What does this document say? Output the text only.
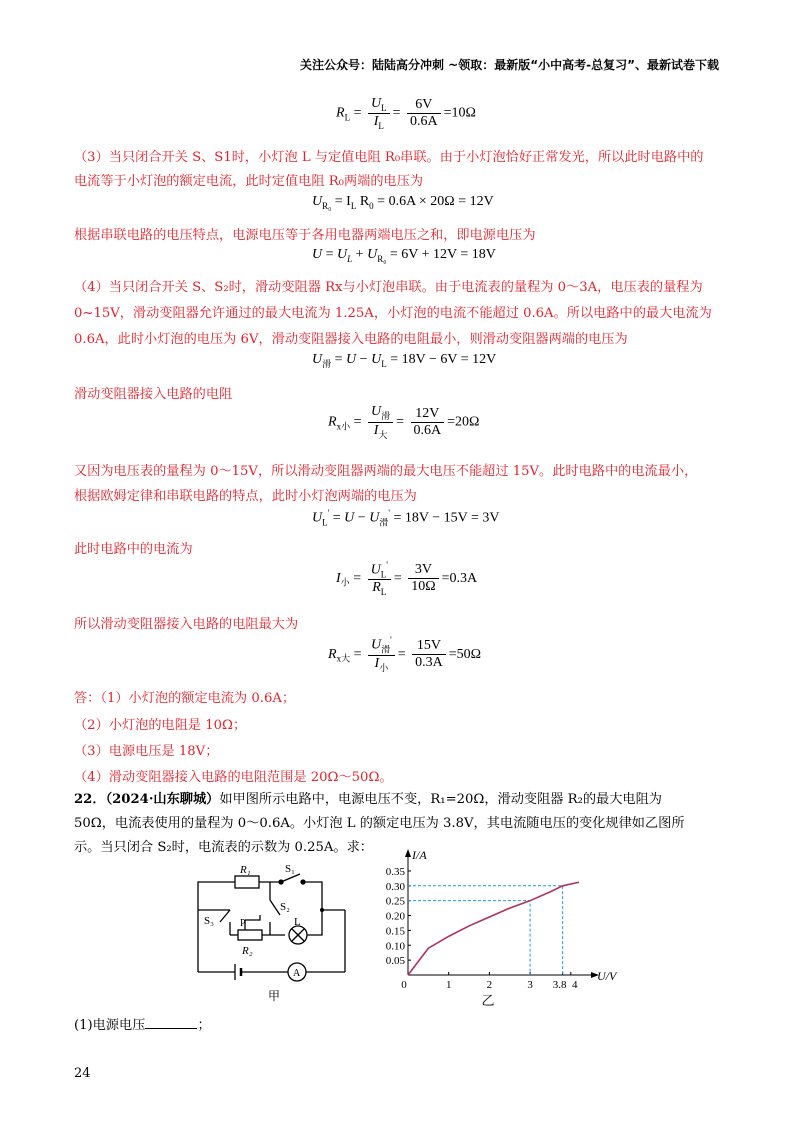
关注公众号：陆陆高分冲刺 ~领取：最新版“小中高考-总复习”、最新试卷下载
$R_L = \frac{U_L}{I_L} = \frac{6V}{0.6A} =10\Omega$
（3）当只闭合开关 S、S1时，小灯泡 L 与定值电阻 R₀串联。由于小灯泡恰好正常发光，所以此时电路中的
电流等于小灯泡的额定电流，此时定值电阻 R₀两端的电压为
$U_{R_0} = I_L$ $R_0 = 0.6A \times 20\Omega = 12V$
根据串联电路的电压特点，电源电压等于各用电器两端电压之和，即电源电压为
$U = U_L + U_{R_0} = 6V + 12V = 18V$
（4）当只闭合开关 S、S₂时，滑动变阻器 Rx与小灯泡串联。由于电流表的量程为 0～3A，电压表的量程为
0~15V，滑动变阻器允许通过的最大电流为 1.25A，小灯泡的电流不能超过 0.6A。所以电路中的最大电流为
0.6A，此时小灯泡的电压为 6V，滑动变阻器接入电路的电阻最小，则滑动变阻器两端的电压为
$U_滑 = U - U_L = 18V - 6V = 12V$
滑动变阻器接入电路的电阻
$R_{x小} = \frac{U_滑}{I_大} = \frac{12V}{0.6A} =20\Omega$
又因为电压表的量程为 0～15V，所以滑动变阻器两端的最大电压不能超过 15V。此时电路中的电流最小，
根据欧姆定律和串联电路的特点，此时小灯泡两端的电压为
$U_L' = U - U_滑' = 18V - 15V = 3V$
此时电路中的电流为
$I_小 = \frac{U_L'}{R_L} = \frac{3V}{10\Omega} =0.3A$
所以滑动变阻器接入电路的电阻最大为
$R_{x大} = \frac{U_滑'}{I_小} = \frac{15V}{0.3A} =50\Omega$
答：（1）小灯泡的额定电流为 0.6A；
（2）小灯泡的电阻是 10Ω；
（3）电源电压是 18V；
（4）滑动变阻器接入电路的电阻范围是 20Ω～50Ω。
22．（2024·山东聊城）如甲图所示电路中，电源电压不变，R₁=20Ω，滑动变阻器 R₂的最大电阻为
50Ω，电流表使用的量程为 0～0.6A。小灯泡 L 的额定电压为 3.8V，其电流随电压的变化规律如乙图所
示。当只闭合 S₂时，电流表的示数为 0.25A。求：
R₁	S₁
S₂
S₃	P
R₂
L
A
甲
I/A
U/V
0
0.05
0.10
0.15
0.20
0.25
0.30
0.35
1	2	3 3.8 4
乙
(1)电源电压	；
24
